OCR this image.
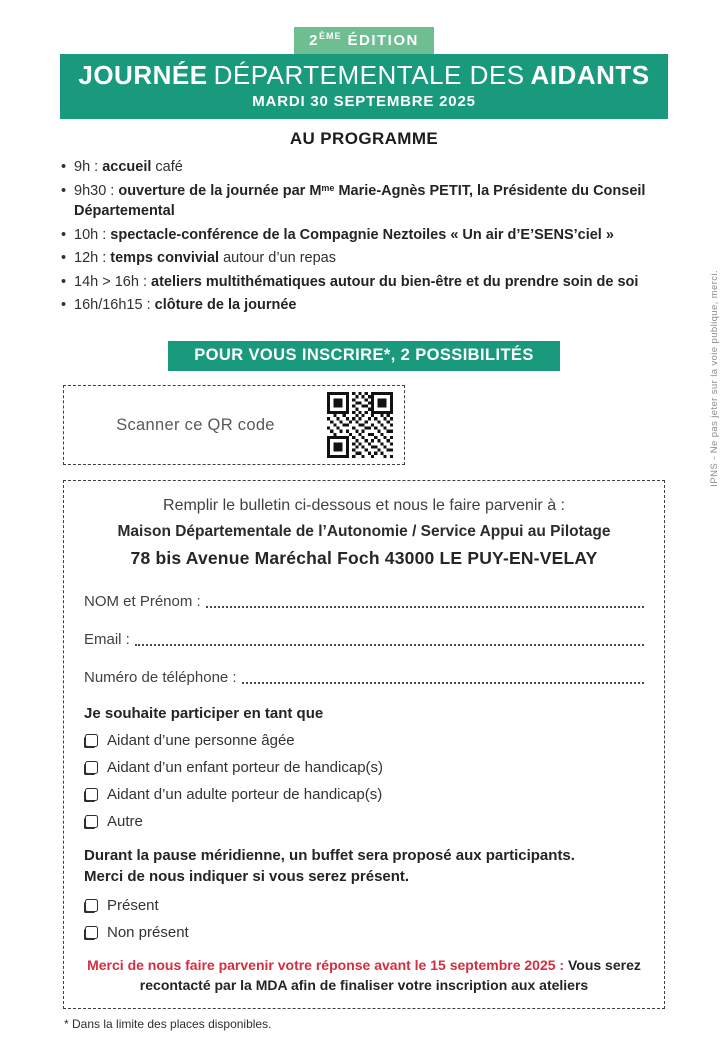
2ÈME ÉDITION
JOURNÉE DÉPARTEMENTALE DES AIDANTS
MARDI 30 SEPTEMBRE 2025
AU PROGRAMME
• 9h : accueil café
• 9h30 : ouverture de la journée par $M^{me}$ Marie-Agnès PETIT, la Présidente du Conseil Départemental
• 10h : spectacle-conférence de la Compagnie Neztoiles « Un air d’E’SENS’ciel »
• 12h : temps convivial autour d’un repas
• 14h > 16h : ateliers multithématiques autour du bien-être et du prendre soin de soi
• 16h/16h15 : clôture de la journée
POUR VOUS INSCRIRE*, 2 POSSIBILITÉS
Scanner ce QR code
Remplir le bulletin ci-dessous et nous le faire parvenir à :
Maison Départementale de l’Autonomie / Service Appui au Pilotage
78 bis Avenue Maréchal Foch 43000 LE PUY-EN-VELAY
NOM et Prénom :
Email :
Numéro de téléphone :
Je souhaite participer en tant que
Aidant d’une personne âgée
Aidant d’un enfant porteur de handicap(s)
Aidant d’un adulte porteur de handicap(s)
Autre
Durant la pause méridienne, un buffet sera proposé aux participants.
Merci de nous indiquer si vous serez présent.
Présent
Non présent
Merci de nous faire parvenir votre réponse avant le 15 septembre 2025 : Vous serez recontacté par la MDA afin de finaliser votre inscription aux ateliers
* Dans la limite des places disponibles.
IPNS - Ne pas jeter sur la voie publique, merci.
